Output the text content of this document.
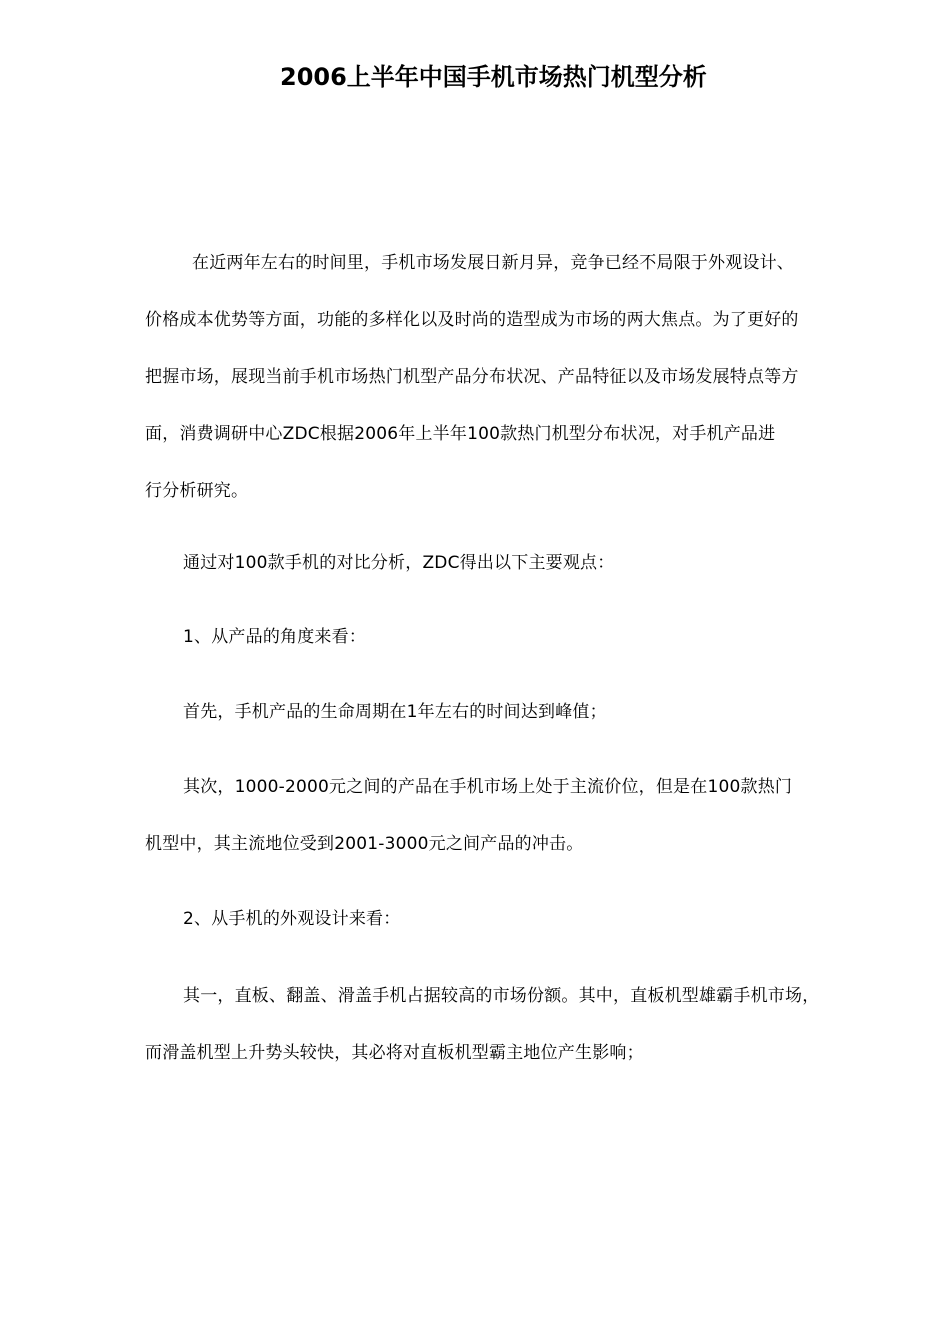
2006上半年中国手机市场热门机型分析
在近两年左右的时间里，手机市场发展日新月异，竞争已经不局限于外观设计、
价格成本优势等方面，功能的多样化以及时尚的造型成为市场的两大焦点。为了更好的
把握市场，展现当前手机市场热门机型产品分布状况、产品特征以及市场发展特点等方
面，消费调研中心ZDC根据2006年上半年100款热门机型分布状况，对手机产品进
行分析研究。
通过对100款手机的对比分析，ZDC得出以下主要观点：
1、从产品的角度来看：
首先，手机产品的生命周期在1年左右的时间达到峰值；
其次，1000-2000元之间的产品在手机市场上处于主流价位，但是在100款热门
机型中，其主流地位受到2001-3000元之间产品的冲击。
2、从手机的外观设计来看：
其一，直板、翻盖、滑盖手机占据较高的市场份额。其中，直板机型雄霸手机市场，
而滑盖机型上升势头较快，其必将对直板机型霸主地位产生影响；
